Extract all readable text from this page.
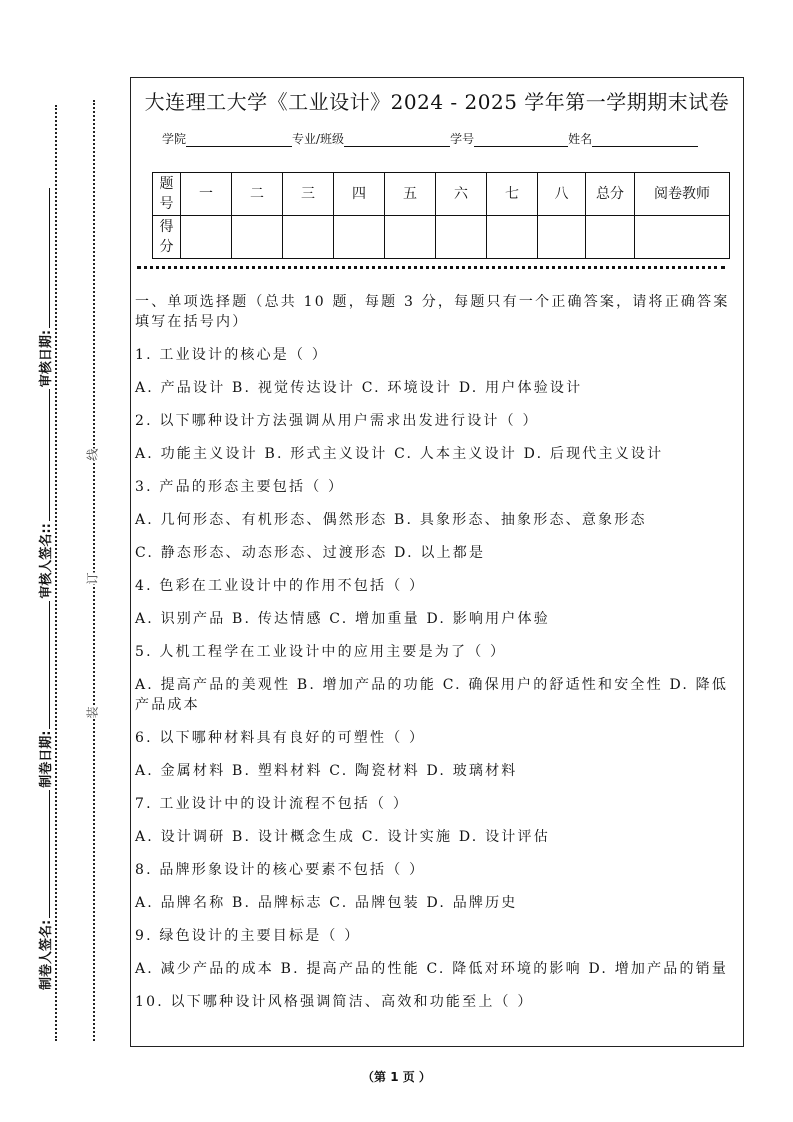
线
订
装
制卷人签名:
制卷日期:
审核人签名::
审核日期:
大连理工大学《工业设计》2024 - 2025 学年第一学期期末试卷
学院	专业/班级	学号	姓名
题号	一	二	三	四	五	六	七	八	总分	阅卷教师
得分										

一、单项选择题（总共 10 题，每题 3 分，每题只有一个正确答案，请将正确答案填写在括号内）

1. 工业设计的核心是（ ）

A. 产品设计 B. 视觉传达设计 C. 环境设计 D. 用户体验设计

2. 以下哪种设计方法强调从用户需求出发进行设计（ ）

A. 功能主义设计 B. 形式主义设计 C. 人本主义设计 D. 后现代主义设计

3. 产品的形态主要包括（ ）

A. 几何形态、有机形态、偶然形态 B. 具象形态、抽象形态、意象形态

C. 静态形态、动态形态、过渡形态 D. 以上都是

4. 色彩在工业设计中的作用不包括（ ）

A. 识别产品 B. 传达情感 C. 增加重量 D. 影响用户体验

5. 人机工程学在工业设计中的应用主要是为了（ ）

A. 提高产品的美观性 B. 增加产品的功能 C. 确保用户的舒适性和安全性 D. 降低产品成本

6. 以下哪种材料具有良好的可塑性（ ）

A. 金属材料 B. 塑料材料 C. 陶瓷材料 D. 玻璃材料

7. 工业设计中的设计流程不包括（ ）

A. 设计调研 B. 设计概念生成 C. 设计实施 D. 设计评估

8. 品牌形象设计的核心要素不包括（ ）

A. 品牌名称 B. 品牌标志 C. 品牌包装 D. 品牌历史

9. 绿色设计的主要目标是（ ）

A. 减少产品的成本 B. 提高产品的性能 C. 降低对环境的影响 D. 增加产品的销量

10. 以下哪种设计风格强调简洁、高效和功能至上（ ）

（第 1 页 ）
